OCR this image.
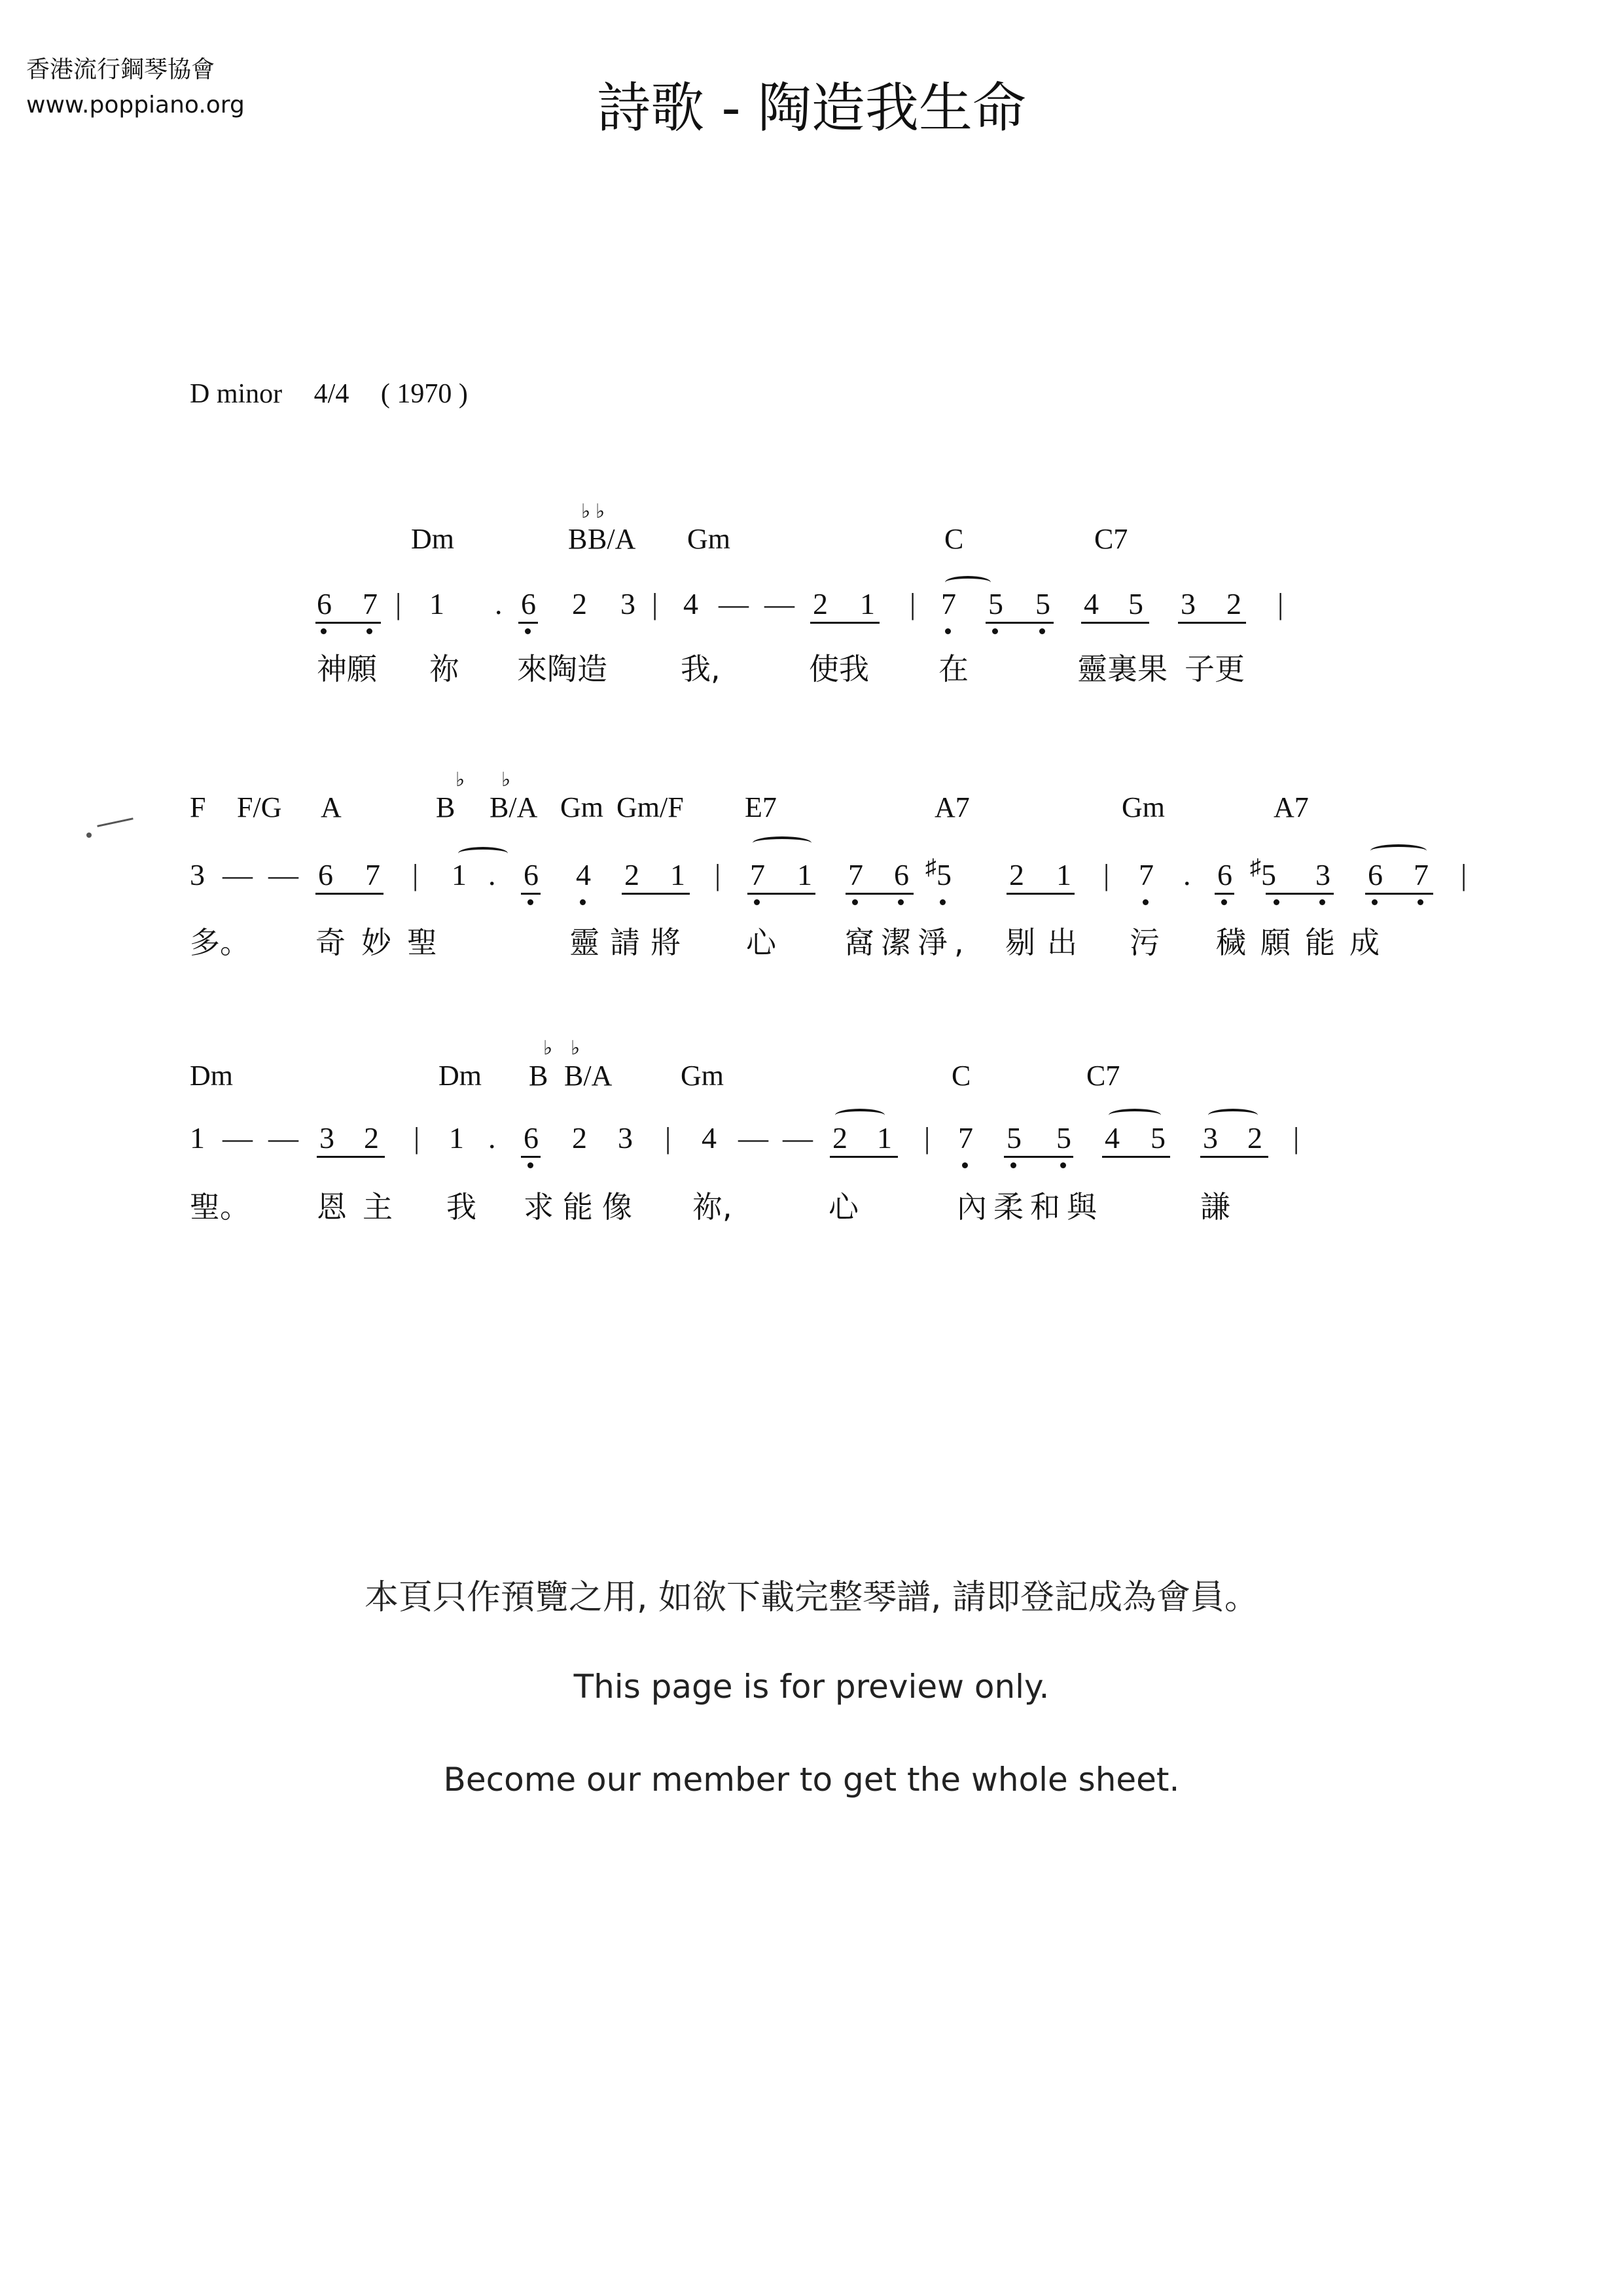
香港流行鋼琴協會
www.poppiano.org	詩歌 - 陶造我生命
D minor 4/4 ( 1970 )
Dm
♭
B
♭
B/A Gm	C	C7
6 7 | 1 . 6 2 3 | 4 — — 2 1 | 7 5 5 4 5 3 2 |
神願 祢 來陶造 我,	使我 在	靈裏果 子更
F F/G A
♭
B
♭
B/A Gm Gm/F E7	A7	Gm	A7
3 — — 6 7 | 1 . 6 4 2 1 | 7 1 7 6 ♯5 2 1 | 7 . 6 ♯5 3 6 7 |
多。 奇妙聖	靈請將 心 窩潔淨, 剔出 污 穢願能成
Dm	Dm
♭
B
♭
B/A Gm	C	C7
1 — — 3 2 | 1 . 6 2 3 | 4 — — 2 1 | 7 5 5 4 5 3 2 |
聖。 恩主 我 求能像 祢,	心	內柔和與	謙
本頁只作預覽之用, 如欲下載完整琴譜, 請即登記成為會員。
This page is for preview only.
Become our member to get the whole sheet.
